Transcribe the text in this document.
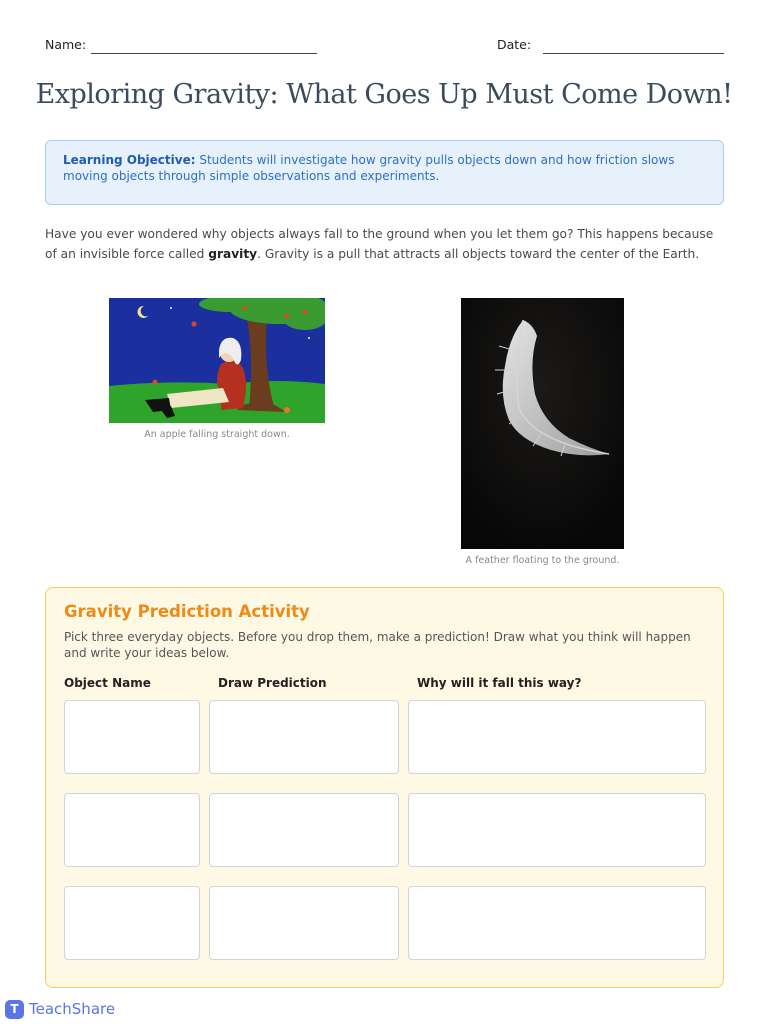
Name:	Date:
Exploring Gravity: What Goes Up Must Come Down!
Learning Objective: Students will investigate how gravity pulls objects down and how friction slows moving objects through simple observations and experiments.

Have you ever wondered why objects always fall to the ground when you let them go? This happens because of an invisible force called gravity. Gravity is a pull that attracts all objects toward the center of the Earth.

An apple falling straight down.
A feather floating to the ground.
Gravity Prediction Activity
Pick three everyday objects. Before you drop them, make a prediction! Draw what you think will happen and write your ideas below.
Object Name	Draw Prediction	Why will it fall this way?
T TeachShare
